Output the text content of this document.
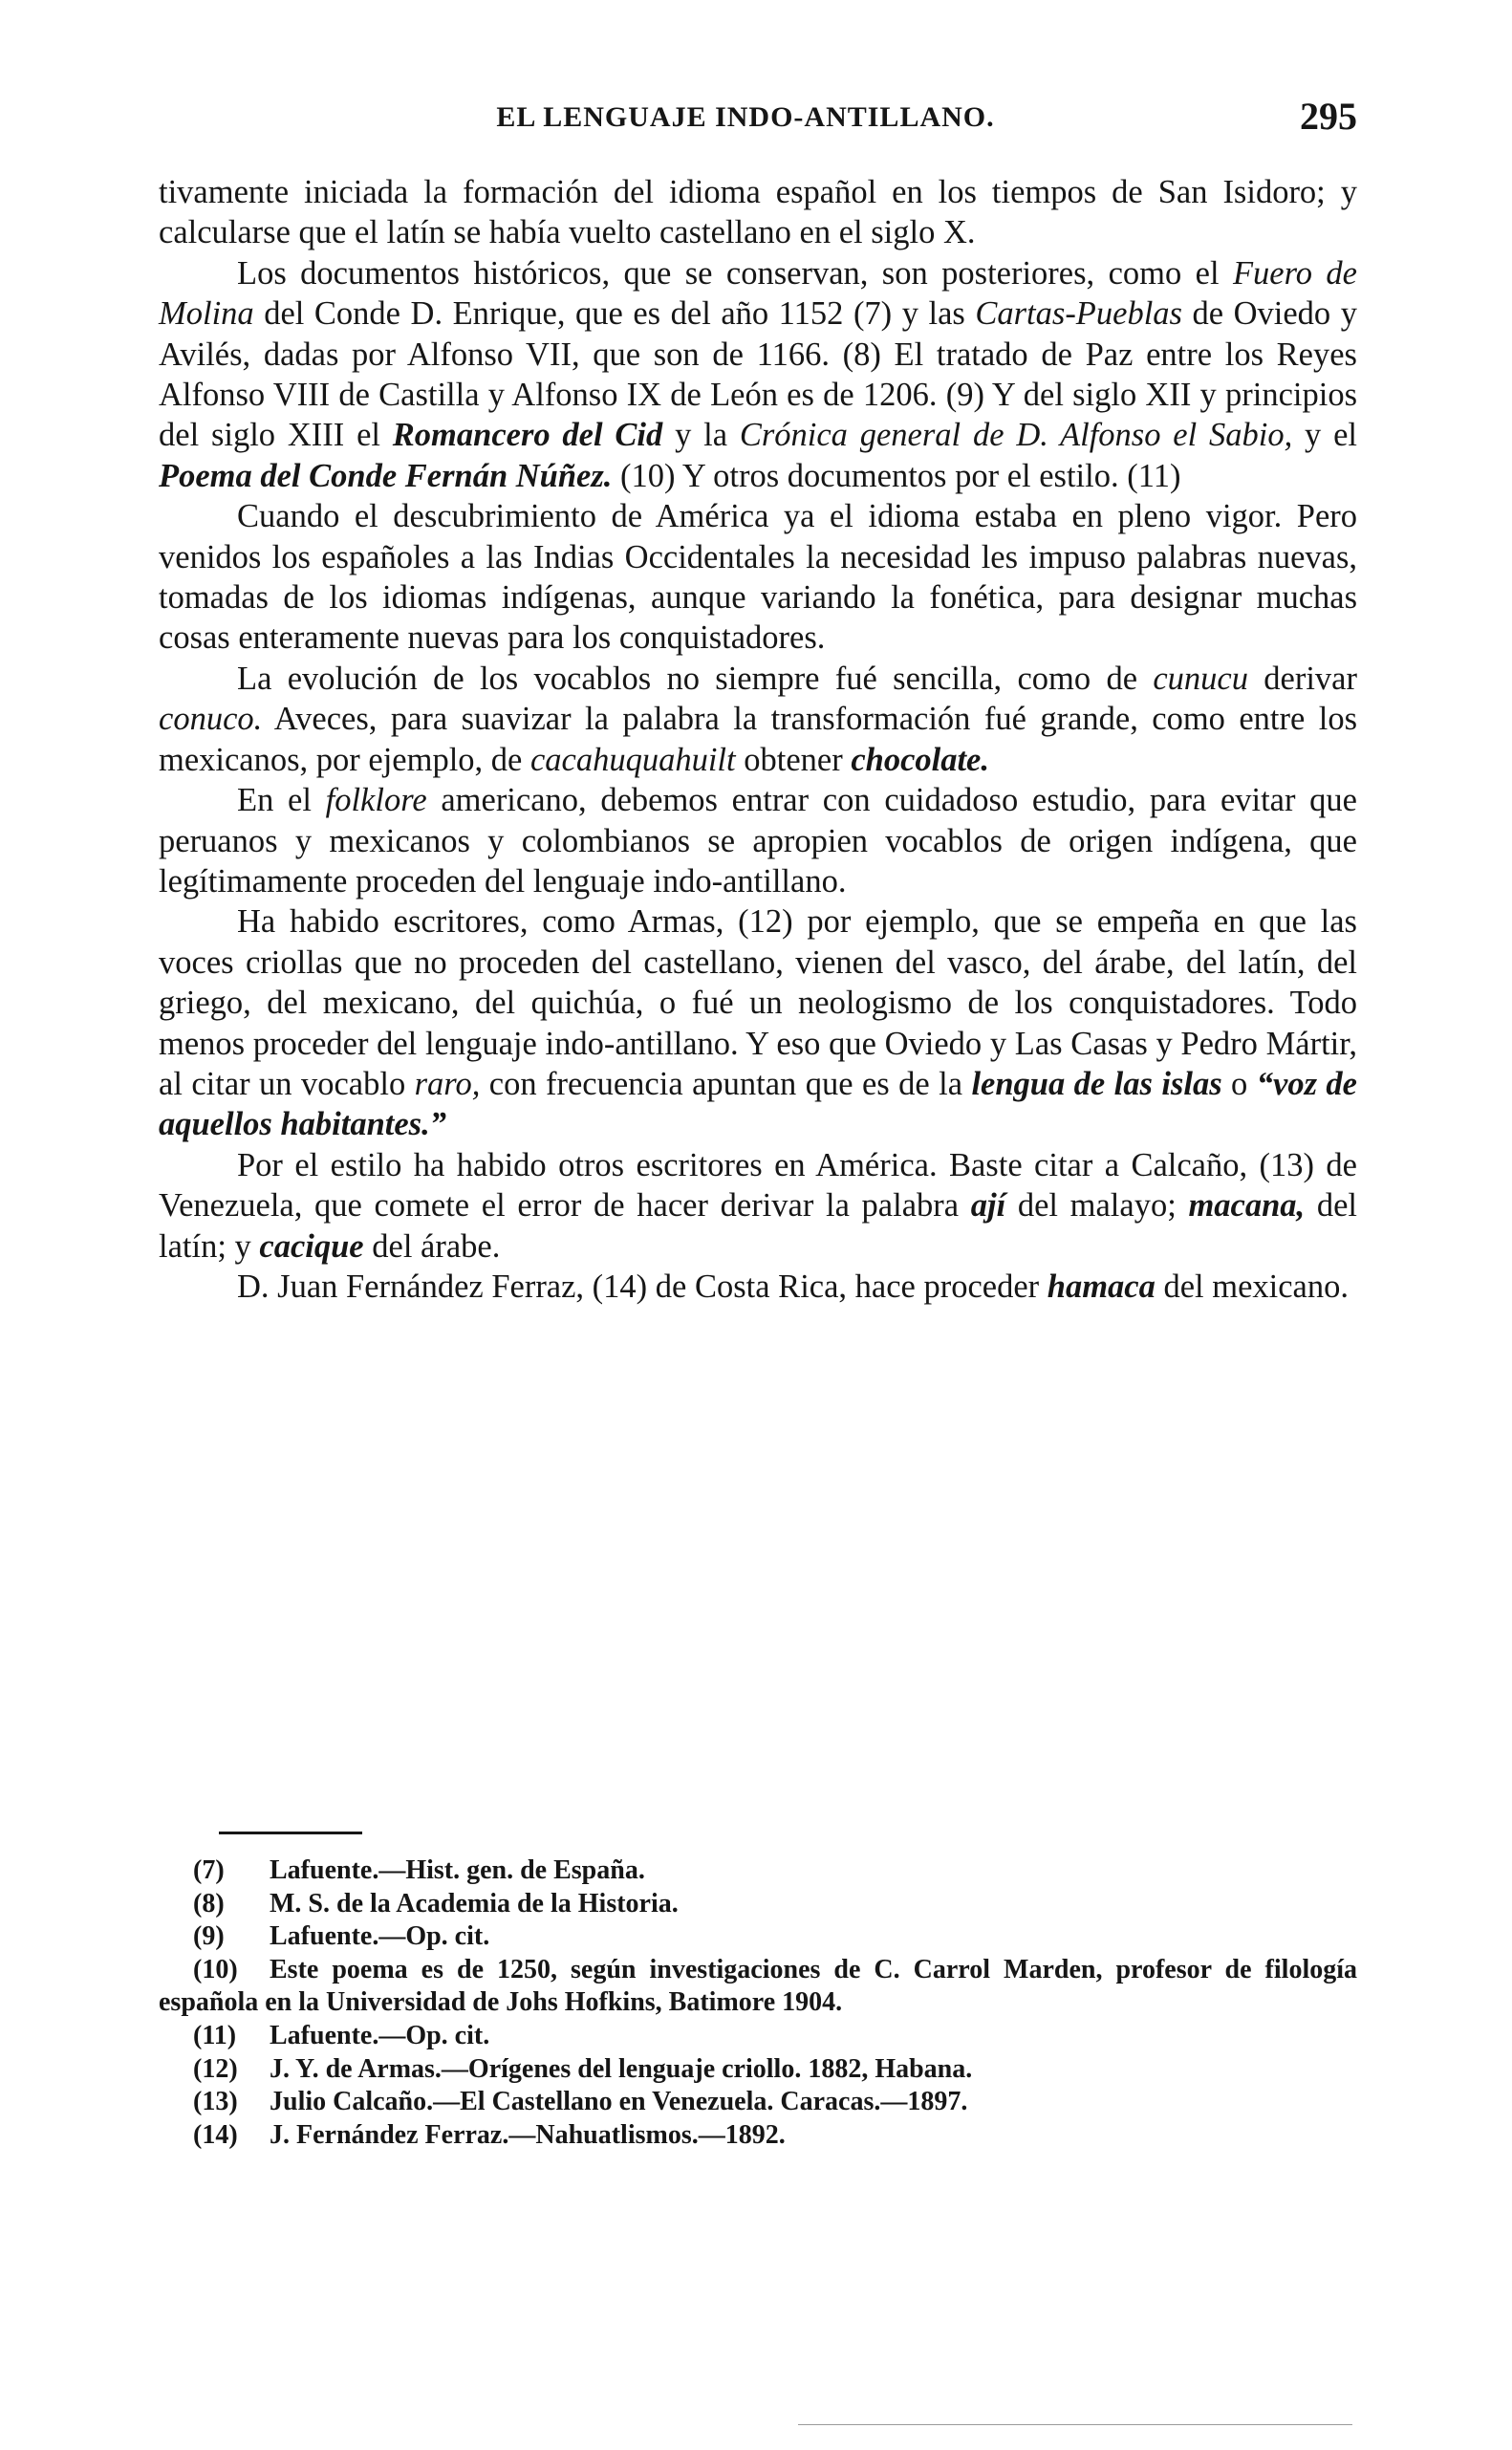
EL LENGUAJE INDO-ANTILLANO.	295

tivamente iniciada la formación del idioma español en los tiempos de San Isidoro; y calcularse que el latín se había vuelto castellano en el siglo X.

Los documentos históricos, que se conservan, son posteriores, como el Fuero de Molina del Conde D. Enrique, que es del año 1152 (7) y las Cartas-Pueblas de Oviedo y Avilés, dadas por Alfonso VII, que son de 1166. (8) El tratado de Paz entre los Reyes Alfonso VIII de Castilla y Alfonso IX de León es de 1206. (9) Y del siglo XII y principios del siglo XIII el Romancero del Cid y la Crónica general de D. Alfonso el Sabio, y el Poema del Conde Fernán Núñez. (10) Y otros documentos por el estilo. (11)

Cuando el descubrimiento de América ya el idioma estaba en pleno vigor. Pero venidos los españoles a las Indias Occidentales la necesidad les impuso palabras nuevas, tomadas de los idiomas indígenas, aunque variando la fonética, para designar muchas cosas enteramente nuevas para los conquistadores.

La evolución de los vocablos no siempre fué sencilla, como de cunucu derivar conuco. Aveces, para suavizar la palabra la transformación fué grande, como entre los mexicanos, por ejemplo, de cacahuquahuilt obtener chocolate.

En el folklore americano, debemos entrar con cuidadoso estudio, para evitar que peruanos y mexicanos y colombianos se apropien vocablos de origen indígena, que legítimamente proceden del lenguaje indo-antillano.

Ha habido escritores, como Armas, (12) por ejemplo, que se empeña en que las voces criollas que no proceden del castellano, vienen del vasco, del árabe, del latín, del griego, del mexicano, del quichúa, o fué un neologismo de los conquistadores. Todo menos proceder del lenguaje indo-antillano. Y eso que Oviedo y Las Casas y Pedro Mártir, al citar un vocablo raro, con frecuencia apuntan que es de la lengua de las islas o “voz de aquellos habitantes.”

Por el estilo ha habido otros escritores en América. Baste citar a Calcaño, (13) de Venezuela, que comete el error de hacer derivar la palabra ají del malayo; macana, del latín; y cacique del árabe.

D. Juan Fernández Ferraz, (14) de Costa Rica, hace proceder hamaca del mexicano.

(7) Lafuente.—Hist. gen. de España.
(8) M. S. de la Academia de la Historia.
(9) Lafuente.—Op. cit.
(10) Este poema es de 1250, según investigaciones de C. Carrol Marden, profesor de filología española en la Universidad de Johs Hofkins, Batimore 1904.
(11) Lafuente.—Op. cit.
(12) J. Y. de Armas.—Orígenes del lenguaje criollo. 1882, Habana.
(13) Julio Calcaño.—El Castellano en Venezuela. Caracas.—1897.
(14) J. Fernández Ferraz.—Nahuatlismos.—1892.
